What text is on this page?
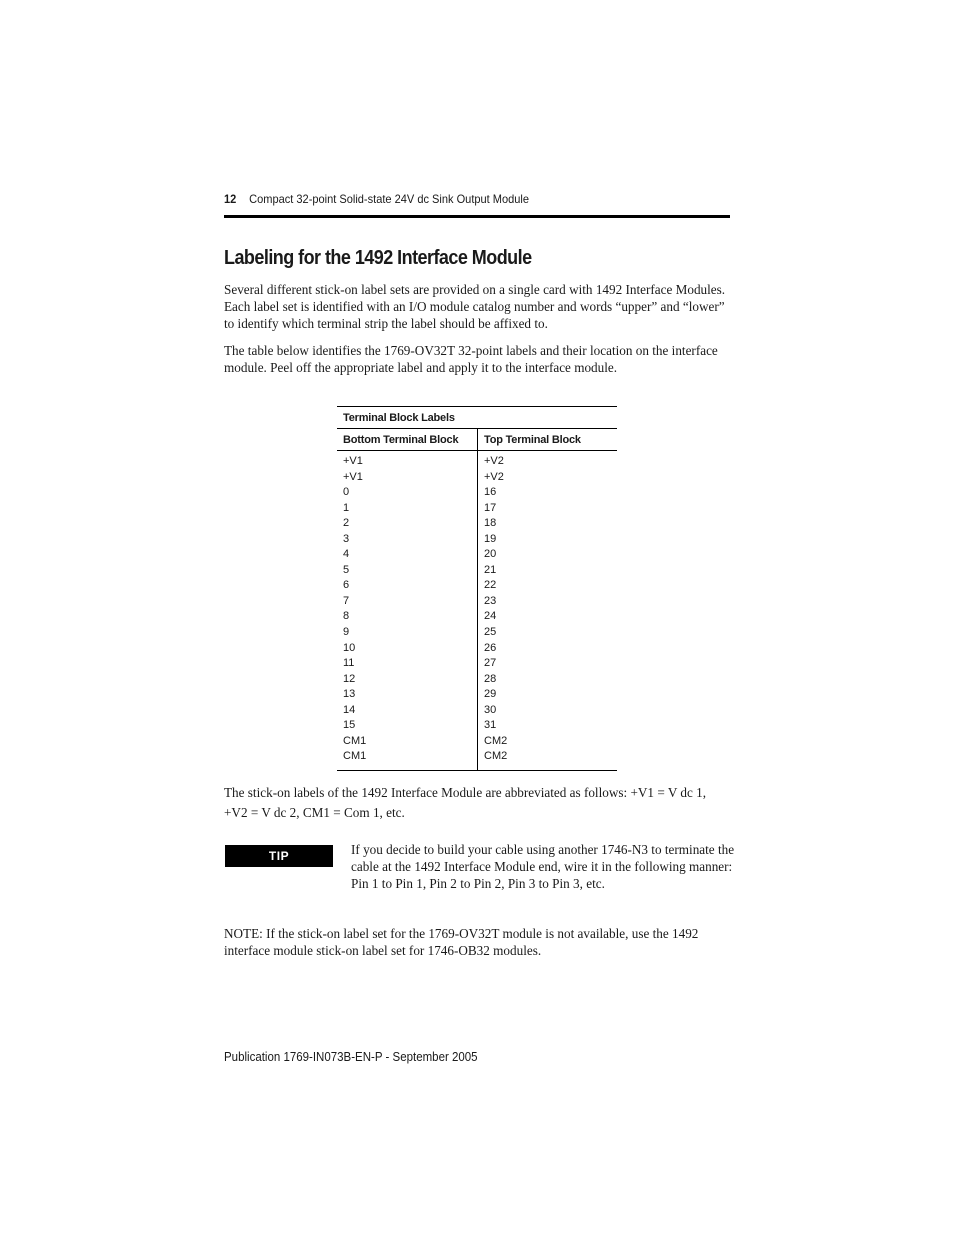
12 Compact 32-point Solid-state 24V dc Sink Output Module
Labeling for the 1492 Interface Module

Several different stick-on label sets are provided on a single card with 1492 Interface Modules. Each label set is identified with an I/O module catalog number and words “upper” and “lower” to identify which terminal strip the label should be affixed to.

The table below identifies the 1769-OV32T 32-point labels and their location on the interface module. Peel off the appropriate label and apply it to the interface module.

Terminal Block Labels	
Bottom Terminal Block	Top Terminal Block
+V1	+V2
+V1	+V2
0	16
1	17
2	18
3	19
4	20
5	21
6	22
7	23
8	24
9	25
10	26
11	27
12	28
13	29
14	30
15	31
CM1	CM2
CM1	CM2

The stick-on labels of the 1492 Interface Module are abbreviated as follows: +V1 = V dc 1, +V2 = V dc 2, CM1 = Com 1, etc.

TIP	If you decide to build your cable using another 1746-N3 to terminate the cable at the 1492 Interface Module end, wire it in the following manner: Pin 1 to Pin 1, Pin 2 to Pin 2, Pin 3 to Pin 3, etc.

NOTE: If the stick-on label set for the 1769-OV32T module is not available, use the 1492 interface module stick-on label set for 1746-OB32 modules.

Publication 1769-IN073B-EN-P - September 2005
